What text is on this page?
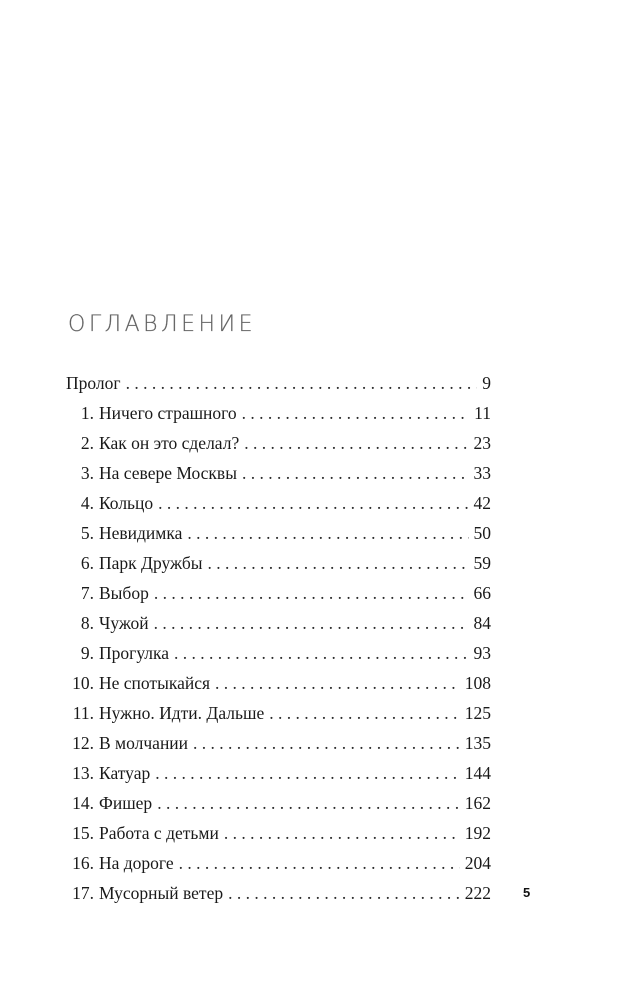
ОГЛАВЛЕНИЕ
Пролог . . .	9
1. Ничего страшного . . .	11
2. Как он это сделал? . . .	23
3. На севере Москвы . . .	33
4. Кольцо . . .	42
5. Невидимка . . .	50
6. Парк Дружбы . . .	59
7. Выбор . . .	66
8. Чужой . . .	84
9. Прогулка . . .	93
10. Не спотыкайся . . .	108
11. Нужно. Идти. Дальше . . .	125
12. В молчании . . .	135
13. Катуар . . .	144
14. Фишер . . .	162
15. Работа с детьми . . .	192
16. На дороге . . .	204
17. Мусорный ветер . . .	222 5
